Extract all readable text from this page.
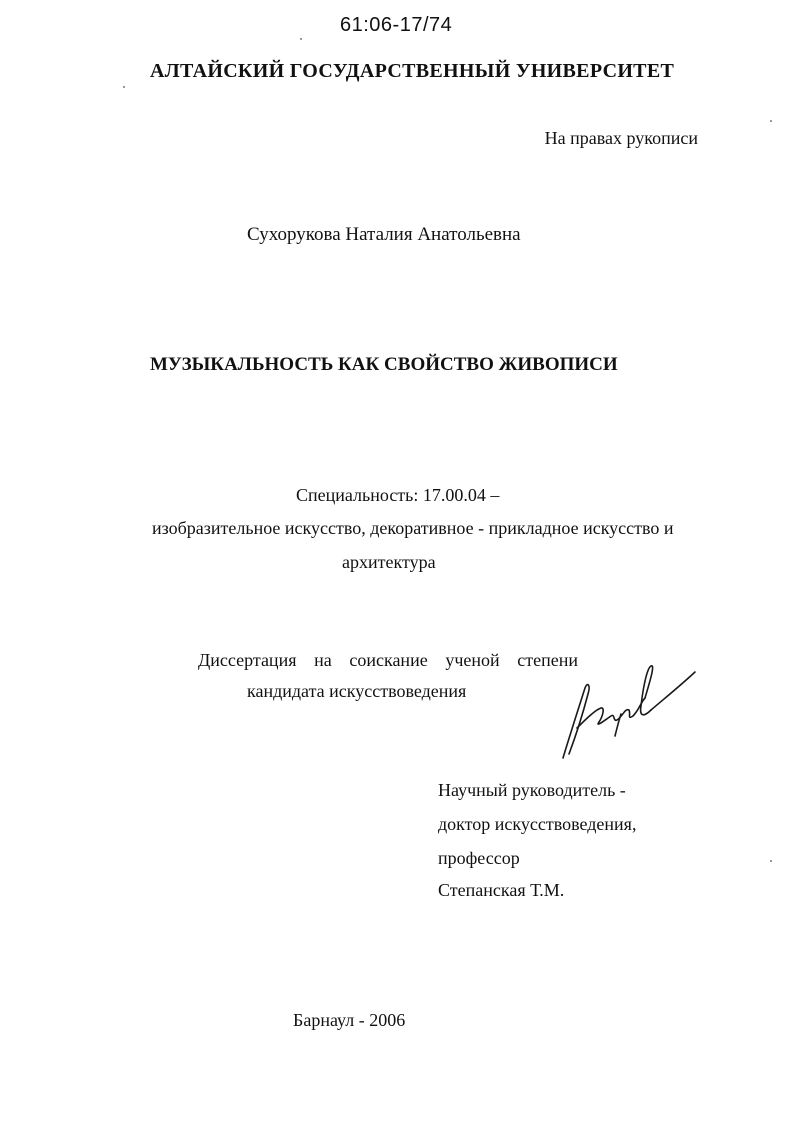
61:06-17/74
АЛТАЙСКИЙ ГОСУДАРСТВЕННЫЙ УНИВЕРСИТЕТ
На правах рукописи
Сухорукова Наталия Анатольевна
МУЗЫКАЛЬНОСТЬ КАК СВОЙСТВО ЖИВОПИСИ
Специальность: 17.00.04 –
изобразительное искусство, декоративное - прикладное искусство и
архитектура
Диссертация на соискание ученой степени
кандидата искусствоведения
Научный руководитель -
доктор искусствоведения,
профессор
Степанская Т.М.
Барнаул - 2006
